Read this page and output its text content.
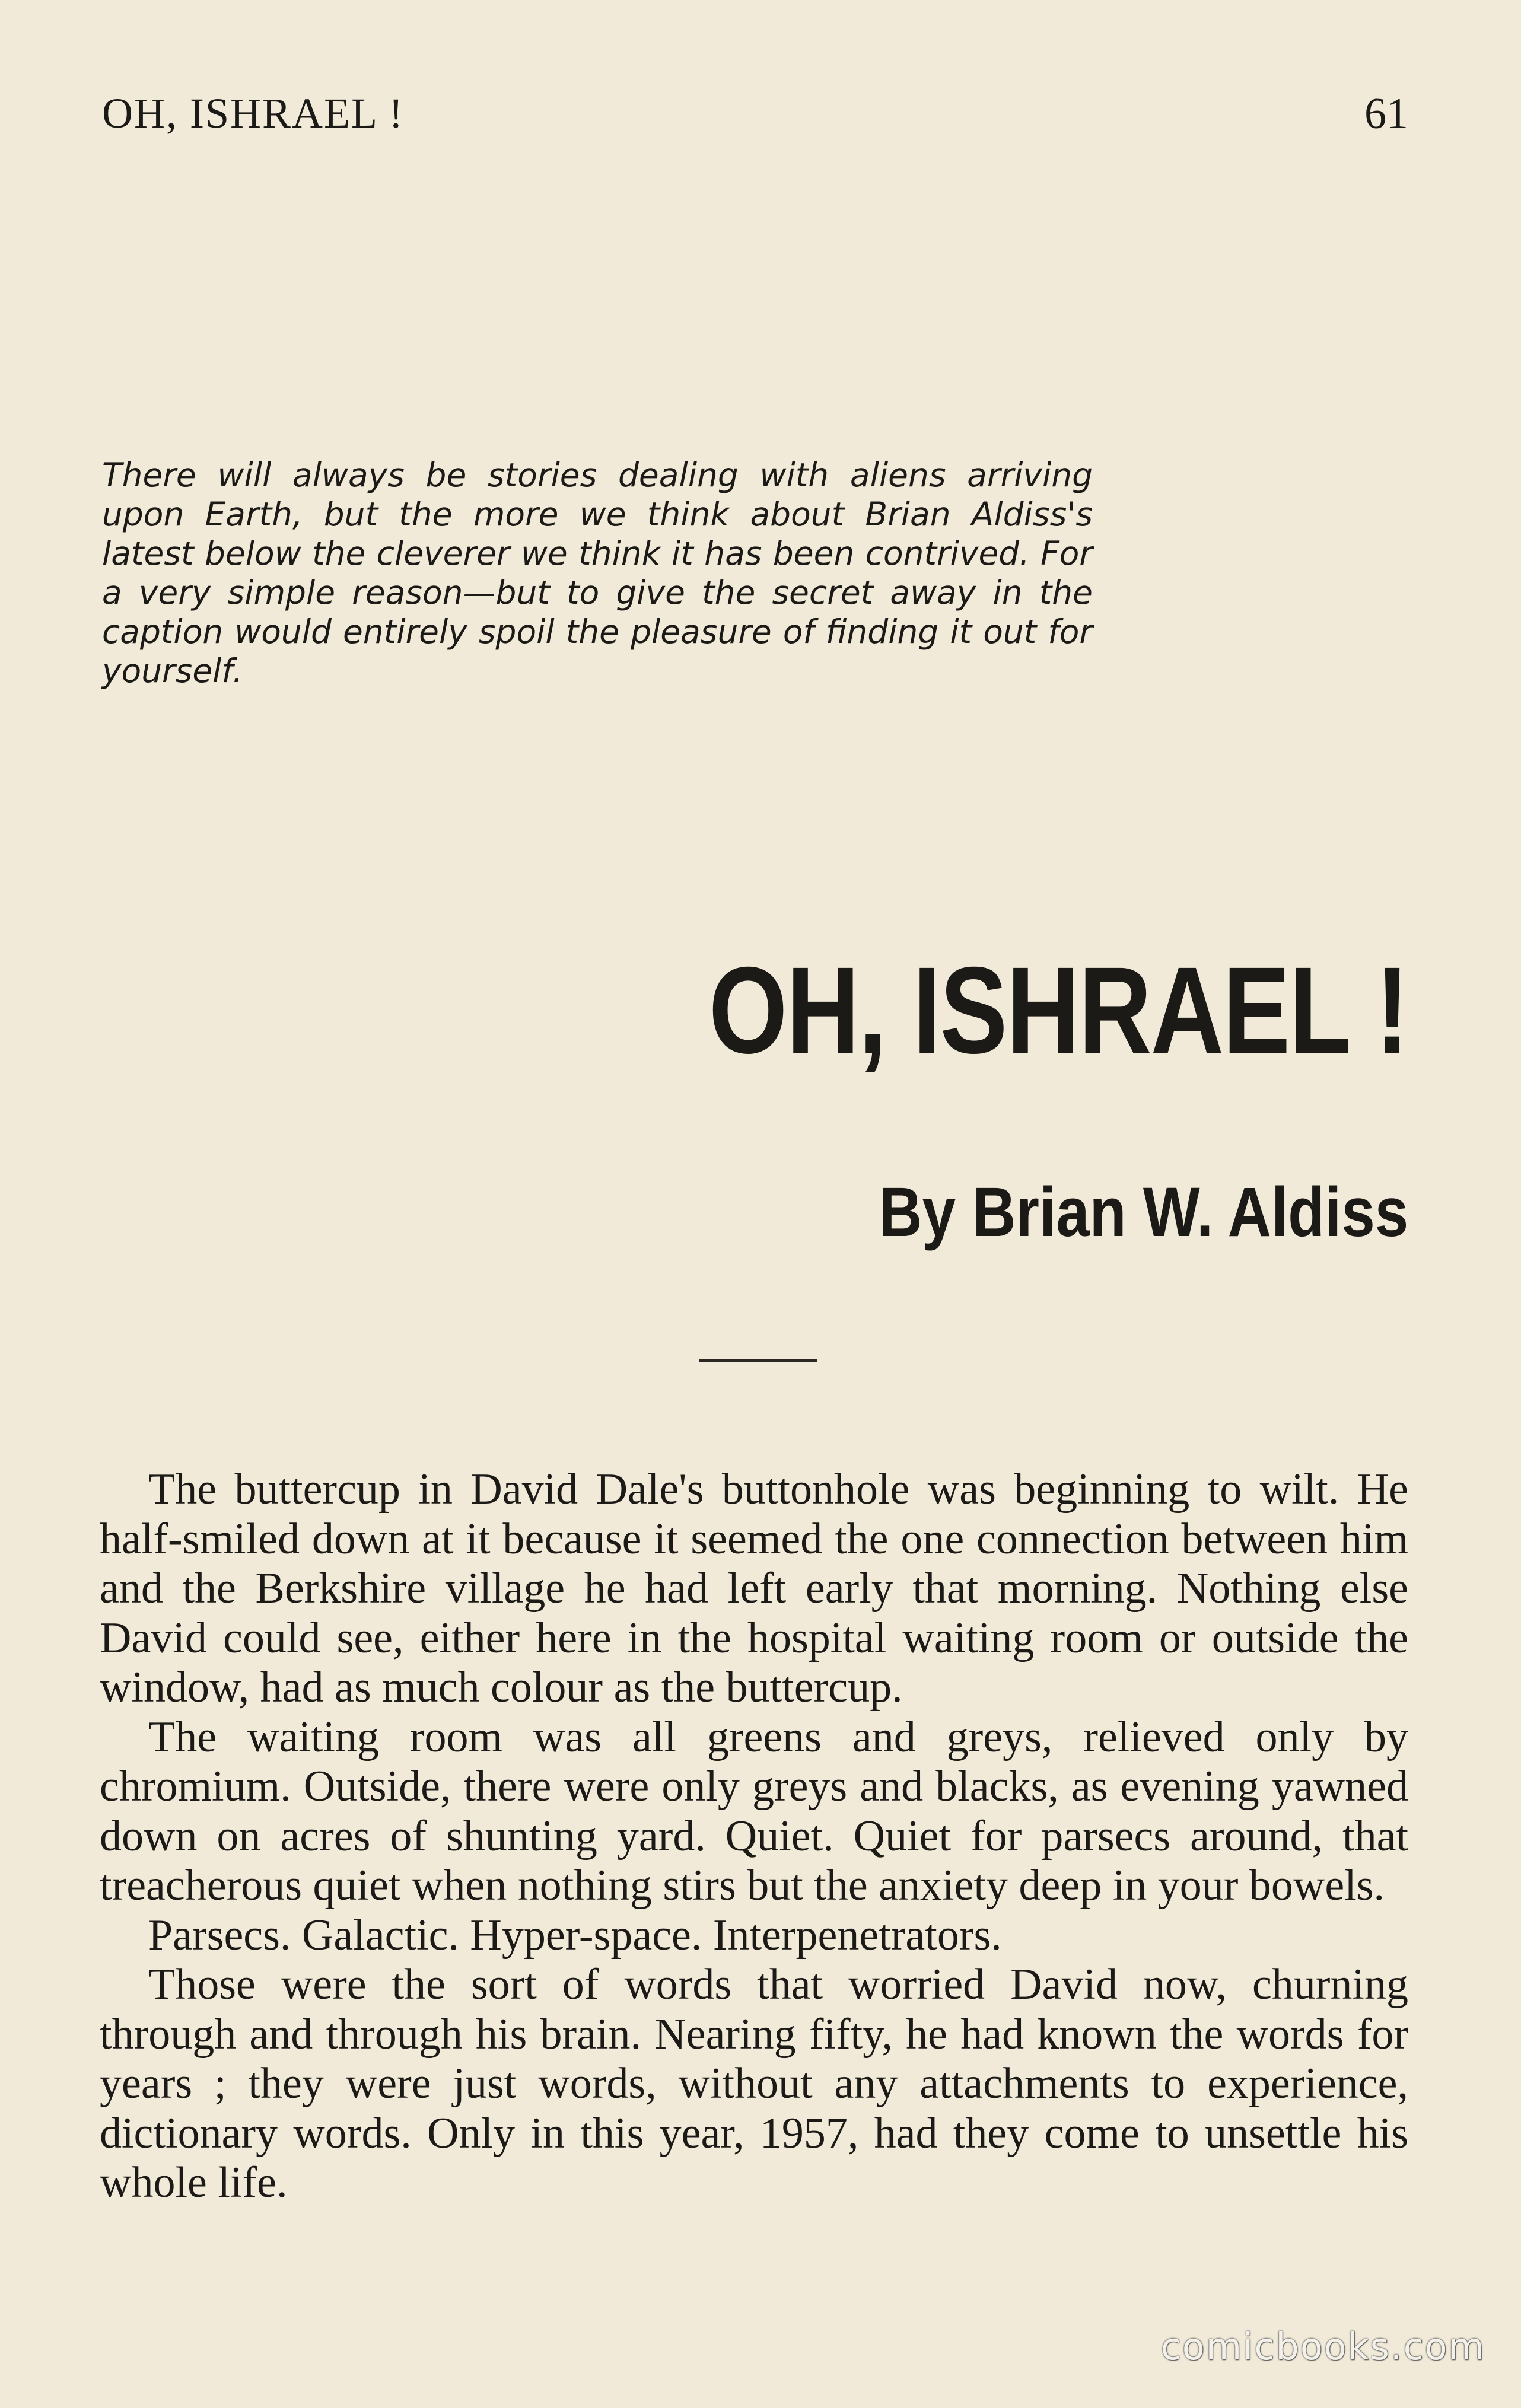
OH, ISHRAEL !	61

There will always be stories dealing with aliens arriving upon Earth, but the more we think about Brian Aldiss's latest below the cleverer we think it has been contrived. For a very simple reason—but to give the secret away in the caption would entirely spoil the pleasure of finding it out for yourself.

OH, ISHRAEL !
By Brian W. Aldiss

The buttercup in David Dale's buttonhole was beginning to wilt. He half-smiled down at it because it seemed the one connection between him and the Berkshire village he had left early that morning. Nothing else David could see, either here in the hospital waiting room or outside the window, had as much colour as the buttercup.

The waiting room was all greens and greys, relieved only by chromium. Outside, there were only greys and blacks, as evening yawned down on acres of shunting yard. Quiet. Quiet for parsecs around, that treacherous quiet when nothing stirs but the anxiety deep in your bowels.

Parsecs. Galactic. Hyper-space. Interpenetrators.

Those were the sort of words that worried David now, churning through and through his brain. Nearing fifty, he had known the words for years ; they were just words, without any attachments to experience, dictionary words. Only in this year, 1957, had they come to unsettle his whole life.

comicbooks.com
